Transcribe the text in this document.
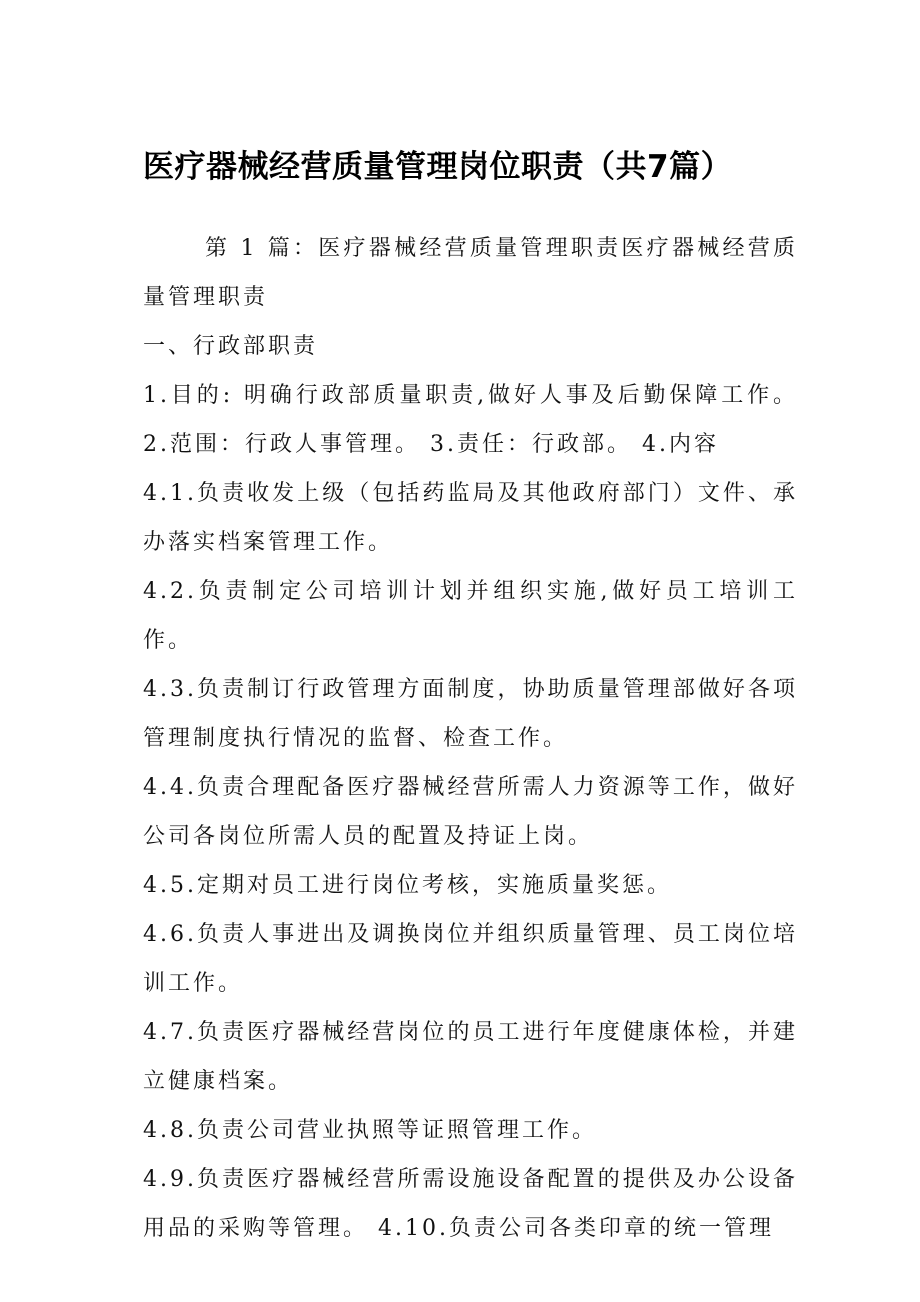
医疗器械经营质量管理岗位职责（共7篇）

第 1 篇：医疗器械经营质量管理职责医疗器械经营质量管理职责

一、行政部职责

1.目的: 明确行政部质量职责,做好人事及后勤保障工作。2.范围：行政人事管理。 3.责任：行政部。 4.内容

4.1.负责收发上级（包括药监局及其他政府部门）文件、承办落实档案管理工作。

4.2.负责制定公司培训计划并组织实施,做好员工培训工作。

4.3.负责制订行政管理方面制度，协助质量管理部做好各项管理制度执行情况的监督、检查工作。

4.4.负责合理配备医疗器械经营所需人力资源等工作，做好公司各岗位所需人员的配置及持证上岗。

4.5.定期对员工进行岗位考核，实施质量奖惩。

4.6.负责人事进出及调换岗位并组织质量管理、员工岗位培训工作。

4.7.负责医疗器械经营岗位的员工进行年度健康体检，并建立健康档案。

4.8.负责公司营业执照等证照管理工作。

4.9.负责医疗器械经营所需设施设备配置的提供及办公设备用品的采购等管理。 4.10.负责公司各类印章的统一管理
